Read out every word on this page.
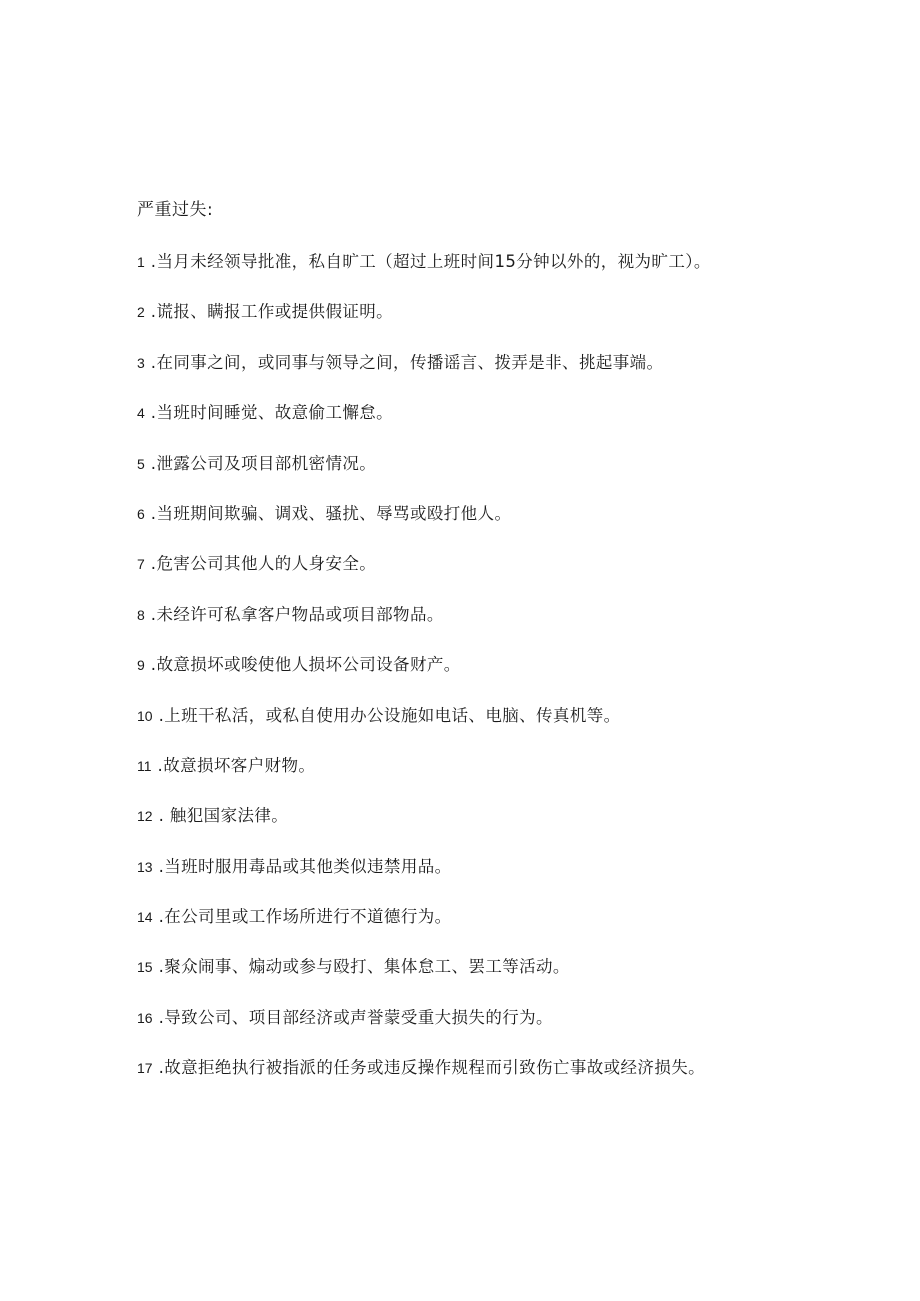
严重过失:
1 .当月未经领导批准，私自旷工（超过上班时间15分钟以外的，视为旷工）。
2 .谎报、瞒报工作或提供假证明。
3 .在同事之间，或同事与领导之间，传播谣言、拨弄是非、挑起事端。
4 .当班时间睡觉、故意偷工懈怠。
5 .泄露公司及项目部机密情况。
6 .当班期间欺骗、调戏、骚扰、辱骂或殴打他人。
7 .危害公司其他人的人身安全。
8 .未经许可私拿客户物品或项目部物品。
9 .故意损坏或唆使他人损坏公司设备财产。
10 .上班干私活，或私自使用办公设施如电话、电脑、传真机等。
11 .故意损坏客户财物。
12 . 触犯国家法律。
13 .当班时服用毒品或其他类似违禁用品。
14 .在公司里或工作场所进行不道德行为。
15 .聚众闹事、煽动或参与殴打、集体怠工、罢工等活动。
16 .导致公司、项目部经济或声誉蒙受重大损失的行为。
17 .故意拒绝执行被指派的任务或违反操作规程而引致伤亡事故或经济损失。
